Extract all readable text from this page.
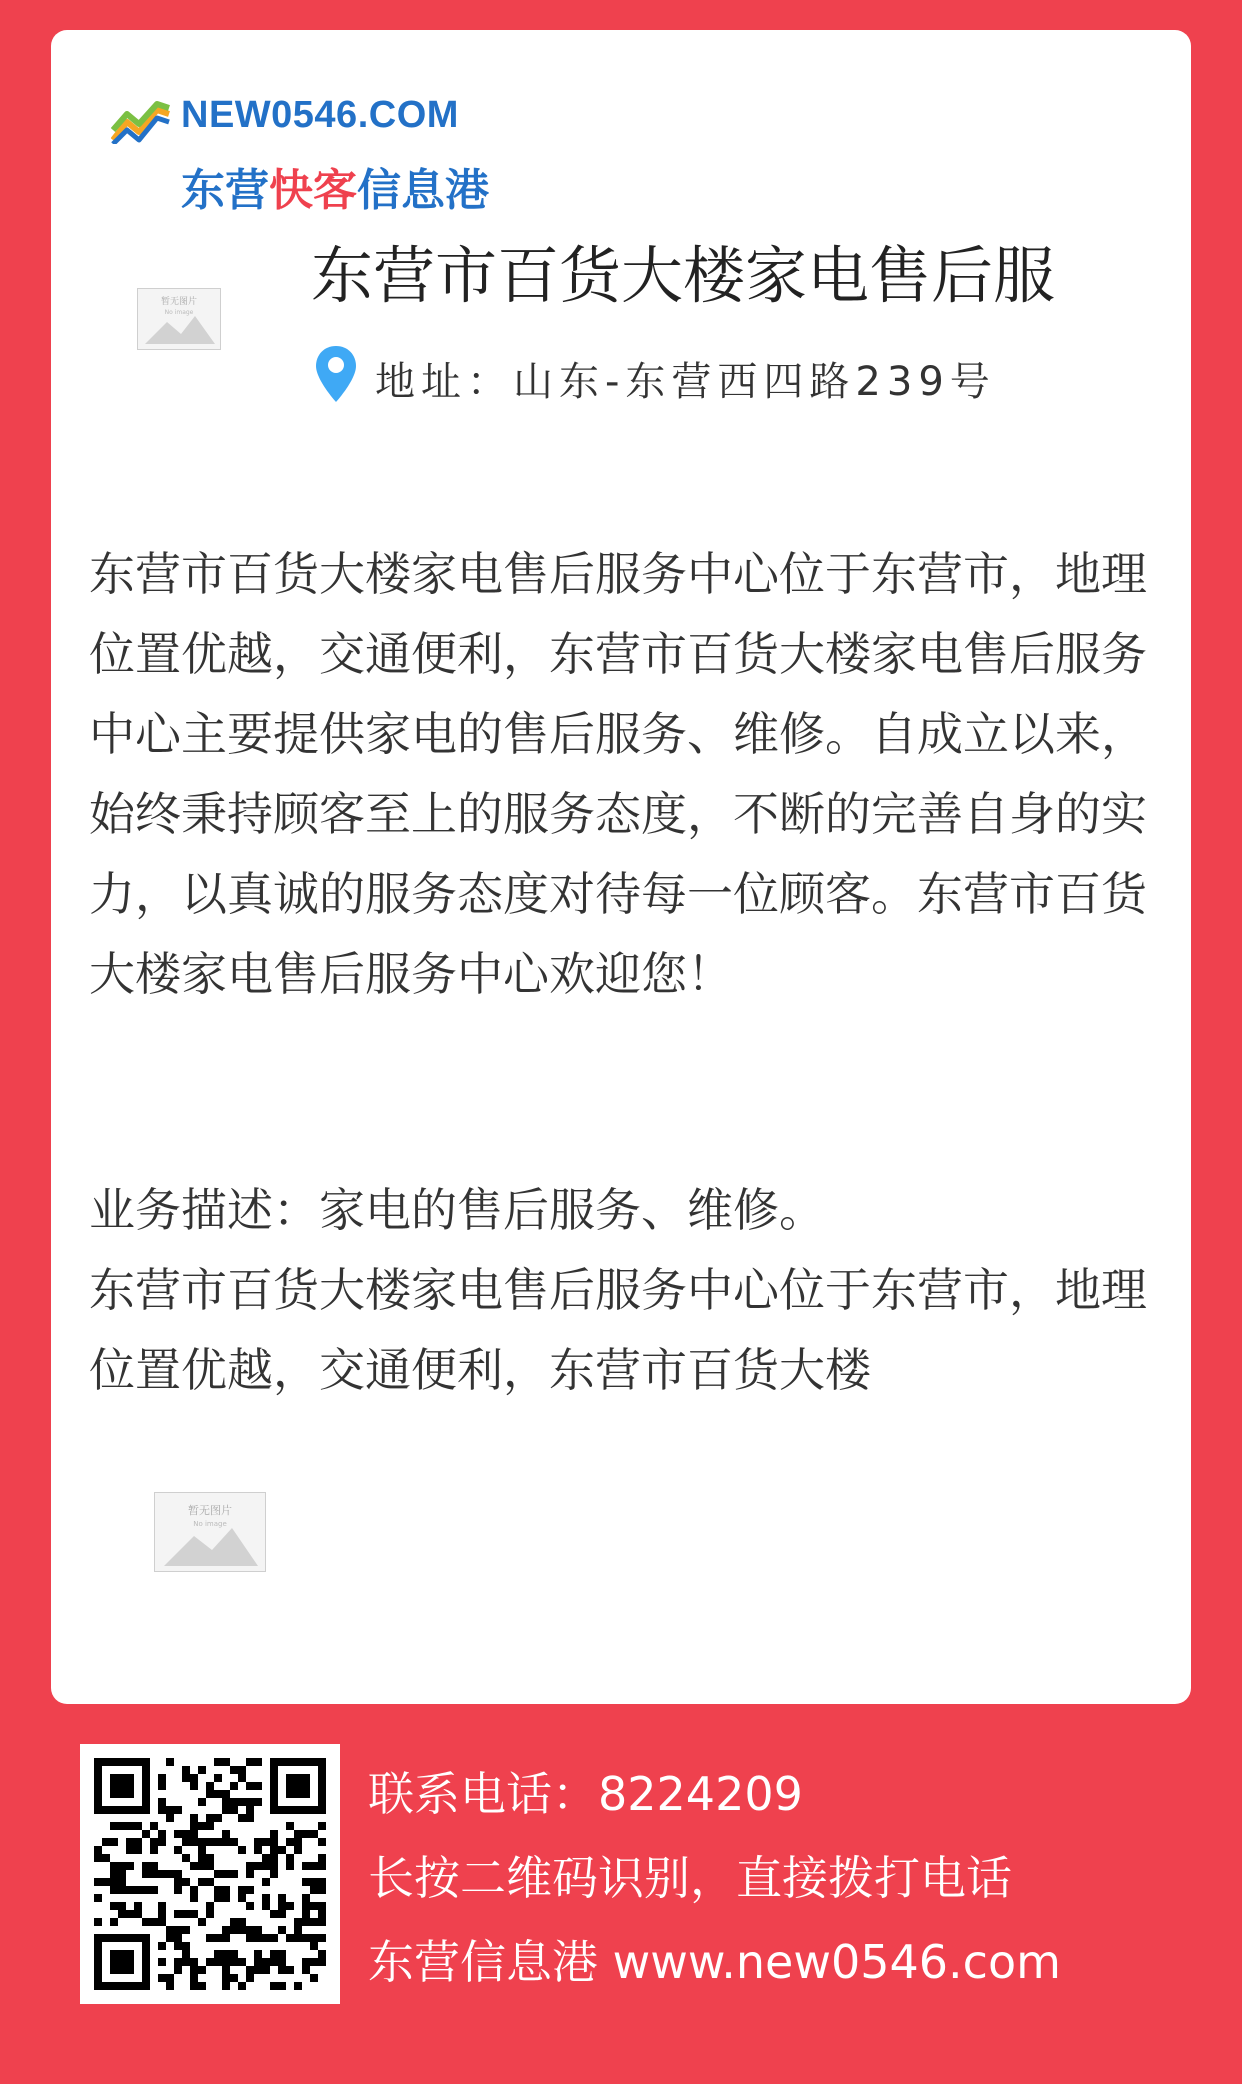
NEW0546.COM
东营快客信息港
暂无图片
No image
东营市百货大楼家电售后服
地址：山东-东营西四路239号

东营市百货大楼家电售后服务中心位于东营市，地理位置优越，交通便利，东营市百货大楼家电售后服务中心主要提供家电的售后服务、维修。自成立以来，始终秉持顾客至上的服务态度，不断的完善自身的实力，以真诚的服务态度对待每一位顾客。东营市百货大楼家电售后服务中心欢迎您！

业务描述：家电的售后服务、维修。

东营市百货大楼家电售后服务中心位于东营市，地理位置优越，交通便利，东营市百货大楼

暂无图片
No image
联系电话：8224209
长按二维码识别，直接拨打电话
东营信息港 www.new0546.com
